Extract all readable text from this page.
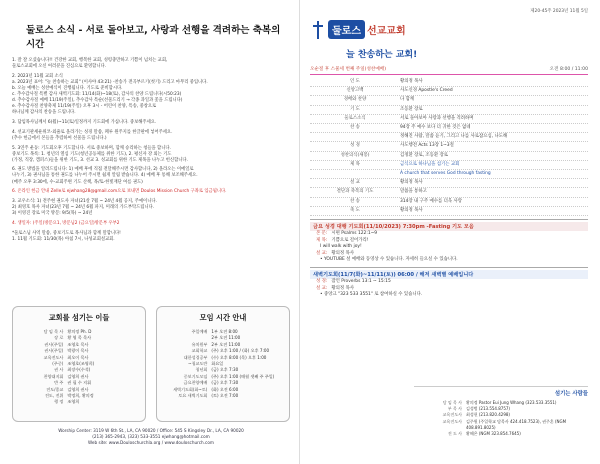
둘로스 소식 - 서로 돌아보고, 사랑과 선행을 격려하는 축복의 시간
1. 잘 잘 오셨습니다!! 건강한 교회, 행복한 교회, 성령충만하고 기쁨이 넘치는 교회,
둘로스교회에 오신 여러분을 진심으로 환영합니다.
2. 2023년 11월 교회 소식
a. 2023년 표어: "늘 찬송하는 교회" (이사야 43:21) -찬송가 전곡부르기(첫기) 드리고 마무리 중입니다.
b. 오늘 예배는 성찬예식이 진행됩니다. 기도로 준비합시다.
c. 추수감사절 특별 감사 새벽기도회: 11/14(화)~18(토), 감사의 찬양 드립니다(시50:23)
d. 추수감사절 예배 11/19(주일), 추수감사 특순(선물드리기 → 각종 과일과 꽃을 드립니다)
e. 추수감사절 찬양축제 11/19(주일) 오후 3시 - 어린이 찬양, 특송, 중창으로
하나님께 감사의 찬송을 드립니다.
3. 담임목사님께서 6(월)~11(토)일정까지 기도회에 가십니다. 중보해주세요.
4. 선교기관세운위코-외줄로 올라가는 성경 말씀, 페루 원주지를 한글판에 넣어주세요.
(추수 헌금에서 본들을 추렴하여 선물을 드립니다.)
5. 3연주 운동: 기도회오후 기도합니다. 서로 중보하며, 함께 승리하는 청들을 합니다.
중보기도 목록: 1. 청년의 열심 기도(청년공동체를 위한 기도), 2. 평신자 강 외는 기도
(가정, 직장, 캠퍼스)들을 위한 기도, 3. 선교 3. 성교회를 위한 기도 제목을 나누고 헌신합니다.
6. 권도 방법을 알려드립니다: 1) 예배 후에 직접 전달해주시면 감사합니다, 2) 올라오는 이메일로
나누기, 3) 권사님을 통한 권도를 나누어 주시면 쉽게 알림 받습니다. 4) 예배 후 통해 보조해주세요.
(매주 오후 3:30에, 수-교회주변 기도 산책, 목/토-한빛재단 여름 권도)
6. 온라인 헌금 안내 Zelle로 ejwhang28@gmail.com으로 보내면 Doulos Mission Church 구좌로 입금됩니다.
3. 교우소식: 1) 전주현 권도사 자녀(21살 7월 ~ 24년 4월 공지, 주예이니다.
2) 최영호 목사 자녀(23년 7월 ~ 24년 6월 파지, 미래의 가드부탁드립니다.
3) 이영진 장로 미국 방문: 9/5(목) ~ 24년
4. 생일자: (주일)방문요1, 방문님2 (금요일)방문부 우부2
*둘로스님 사역 말씀, 중보기도로 목사님과 함께 말합니다!
1. 11월 기도회: 11/30(목) 아침 7시, 나성교회설교회.
교회를 섬기는 이들
담 임 목 사 황의정 Ph. D
장 로 황 영 목 목사
권사(주일) 조영호 목사
권사(주일) 박광이 목사
교육전도사 최오이 목사
(주중) 조영호(조영희)
권 사 최장수(수석)
찬양대지휘 김영희 권사
반 주 권 필 수 지휘
전도/종교 김영희 권사
전도, 전위 박정희, 황의정
행 정 조영희
모임 시간 안내
주일예배 1부 오전 8:00
2부 오전 11:00
유치원부 2부 오전 11:00
교회학교 (주) 오후 1:00 / (화) 오후 7:00
대한성경공부 (수) 오후 8:00 (목) 오후 1:00
~청교도반 화요일
청년회 (금) 오후 7:30
중보기도모임 (주) 오후 1:00 (매월 셋째 주 주일)
금요찬양예배 (금) 오후 7:30
새벽기도회(화~토) (화) 오전 6:00
토요 새벽기도회 (토) 오전 7:00
Worship Center: 3119 W 6th St., LA, CA 90020 / Office: 545 S Kingsley Dr., LA, CA 90020
(213) 365-2943, (323) 533-3551 ejwhang@hotmail.com
Web site: www.Douloschurchla.org / www.douloschurch.com
제20-45주 2023년 11월 5일
둘로스 선교교회
늘 찬송하는 교회!
오순절 후 스물세 번째 주일(성찬예배)	오전 8:00 / 11:00
인 도	황의정 목사
신앙고백	사도신경 Apostle's Creed
경배와 찬양	다 함께
기 도	조동환 장로
둘로스소식	서로 돌아보아 사랑과 선행을 격려하며
찬 송	94장 주 예수 보다 더 귀한 것은 없네
정해진 사람, 말씀 듣기, 그리고 나를 사로잡으심, 나도해
성 경	사도행전 Acts 13장 1~3절
성찬의식(새봉)	김정환 장로, 조동환 장로
제 목	금식으로 하나님을 섬기는 교회
A church that serves God through fasting
설 교	황의정 목사
결단과 축복의 기도	말씀을 통하고
찬 송	314장 내 구주 예수를 더욱 사랑
축 도	황의정 목사
금요 성경 대행 기도회(11/10/2023) 7:30pm -Fasting 기도 모음
본 문: 시편 Psalms 122:1~9
제 목: 기쁨으로 걸어가리!
I will walk with joy!
설 교: 황의정 목사
• YOUTUBE 설 예배와 동영상 수 있습니다. 자세히 들으실 수 있습니다.
새벽기도회(11/7(화)~11/11(토)) 06:00 / 해저 새벽별 예배입니다
성 경: 잠언 Proverbs 13:1 ~ 15:15
설 교: 황의정 목사
• 중앙크 "323 533 3551" 로 참여하실 수 있습니다.
섬기는 사람들
담 임 목 사	황의정 Pastor Eui Jung Whang (323.533.3551)
부 목 사	김성범 (213.554.8757)
교육전도사	최성헌 (213.820.4298)
교육전도사	김주원 (주일학교 담목사 424.418.7523), 권주혼 (NGM 408.891.8025)
전 도 사	황해은 (NGM 323.854.7645)
